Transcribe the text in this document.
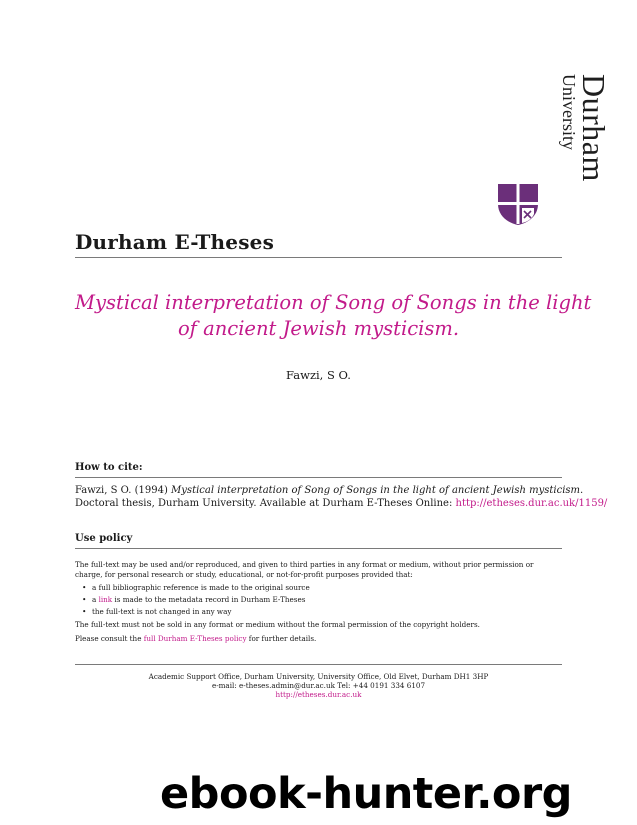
Durham
University
Durham E-Theses
Mystical interpretation of Song of Songs in the light
of ancient Jewish mysticism.
Fawzi, S O.
How to cite:
Fawzi, S O. (1994) Mystical interpretation of Song of Songs in the light of ancient Jewish mysticism.
Doctoral thesis, Durham University. Available at Durham E-Theses Online: http://etheses.dur.ac.uk/1159/
Use policy

The full-text may be used and/or reproduced, and given to third parties in any format or medium, without prior permission or
charge, for personal research or study, educational, or not-for-profit purposes provided that:

• a full bibliographic reference is made to the original source
• a link is made to the metadata record in Durham E-Theses
• the full-text is not changed in any way

The full-text must not be sold in any format or medium without the formal permission of the copyright holders.

Please consult the full Durham E-Theses policy for further details.

Academic Support Office, Durham University, University Office, Old Elvet, Durham DH1 3HP
e-mail: e-theses.admin@dur.ac.uk Tel: +44 0191 334 6107
http://etheses.dur.ac.uk
ebook-hunter.org
